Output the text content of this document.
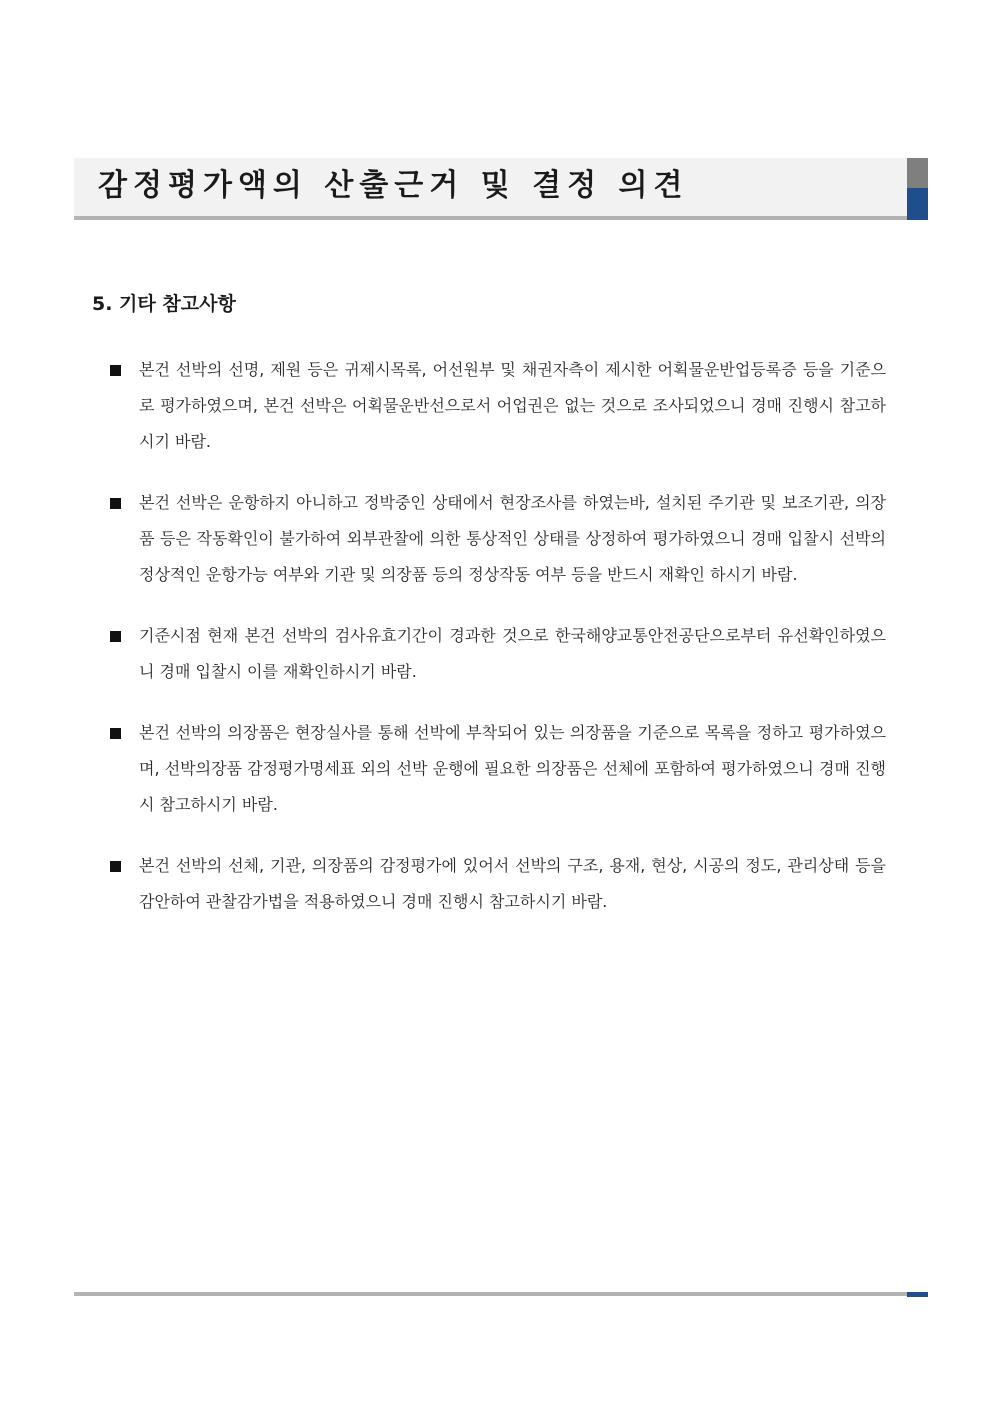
감정평가액의 산출근거 및 결정 의견
5. 기타 참고사항
본건 선박의 선명, 제원 등은 귀제시목록, 어선원부 및 채권자측이 제시한 어획물운반업등록증 등을 기준으로 평가하였으며, 본건 선박은 어획물운반선으로서 어업권은 없는 것으로 조사되었으니 경매 진행시 참고하시기 바람.
본건 선박은 운항하지 아니하고 정박중인 상태에서 현장조사를 하였는바, 설치된 주기관 및 보조기관, 의장품 등은 작동확인이 불가하여 외부관찰에 의한 통상적인 상태를 상정하여 평가하였으니 경매 입찰시 선박의 정상적인 운항가능 여부와 기관 및 의장품 등의 정상작동 여부 등을 반드시 재확인 하시기 바람.
기준시점 현재 본건 선박의 검사유효기간이 경과한 것으로 한국해양교통안전공단으로부터 유선확인하였으니 경매 입찰시 이를 재확인하시기 바람.
본건 선박의 의장품은 현장실사를 통해 선박에 부착되어 있는 의장품을 기준으로 목록을 정하고 평가하였으며, 선박의장품 감정평가명세표 외의 선박 운행에 필요한 의장품은 선체에 포함하여 평가하였으니 경매 진행시 참고하시기 바람.
본건 선박의 선체, 기관, 의장품의 감정평가에 있어서 선박의 구조, 용재, 현상, 시공의 정도, 관리상태 등을 감안하여 관찰감가법을 적용하였으니 경매 진행시 참고하시기 바람.
